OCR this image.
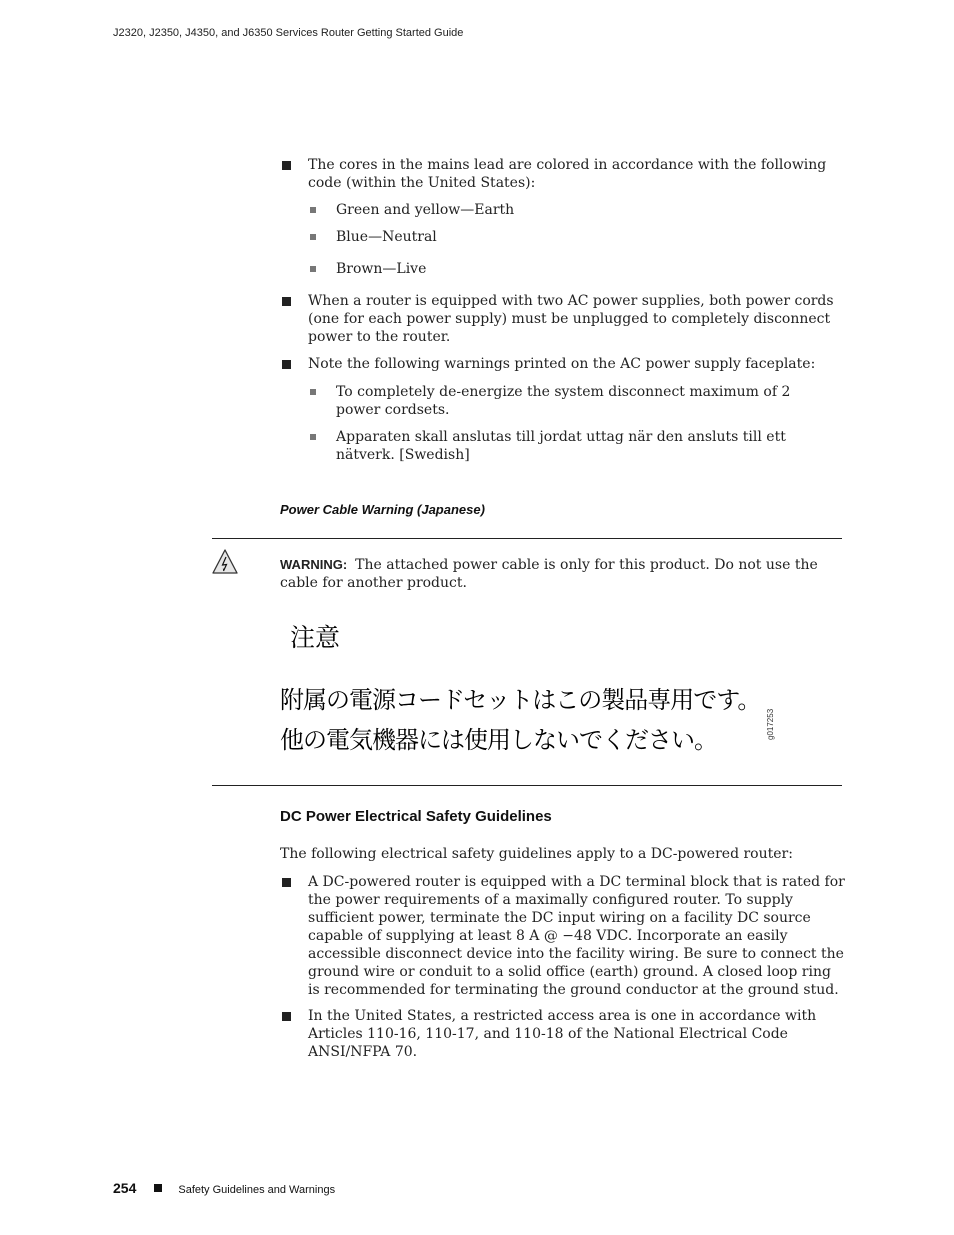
J2320, J2350, J4350, and J6350 Services Router Getting Started Guide
The cores in the mains lead are colored in accordance with the following code (within the United States):
Green and yellow—Earth
Blue—Neutral
Brown—Live
When a router is equipped with two AC power supplies, both power cords (one for each power supply) must be unplugged to completely disconnect power to the router.
Note the following warnings printed on the AC power supply faceplate:
To completely de-energize the system disconnect maximum of 2 power cordsets.
Apparaten skall anslutas till jordat uttag när den ansluts till ett nätverk. [Swedish]
Power Cable Warning (Japanese)
WARNING: The attached power cable is only for this product. Do not use the cable for another product.
注意
附属の電源コードセットはこの製品専用です。
他の電気機器には使用しないでください。	g017253
DC Power Electrical Safety Guidelines
The following electrical safety guidelines apply to a DC-powered router:
A DC-powered router is equipped with a DC terminal block that is rated for the power requirements of a maximally configured router. To supply sufficient power, terminate the DC input wiring on a facility DC source capable of supplying at least 8 A @ −48 VDC. Incorporate an easily accessible disconnect device into the facility wiring. Be sure to connect the ground wire or conduit to a solid office (earth) ground. A closed loop ring is recommended for terminating the ground conductor at the ground stud.
In the United States, a restricted access area is one in accordance with Articles 110-16, 110-17, and 110-18 of the National Electrical Code ANSI/NFPA 70.
254	Safety Guidelines and Warnings
